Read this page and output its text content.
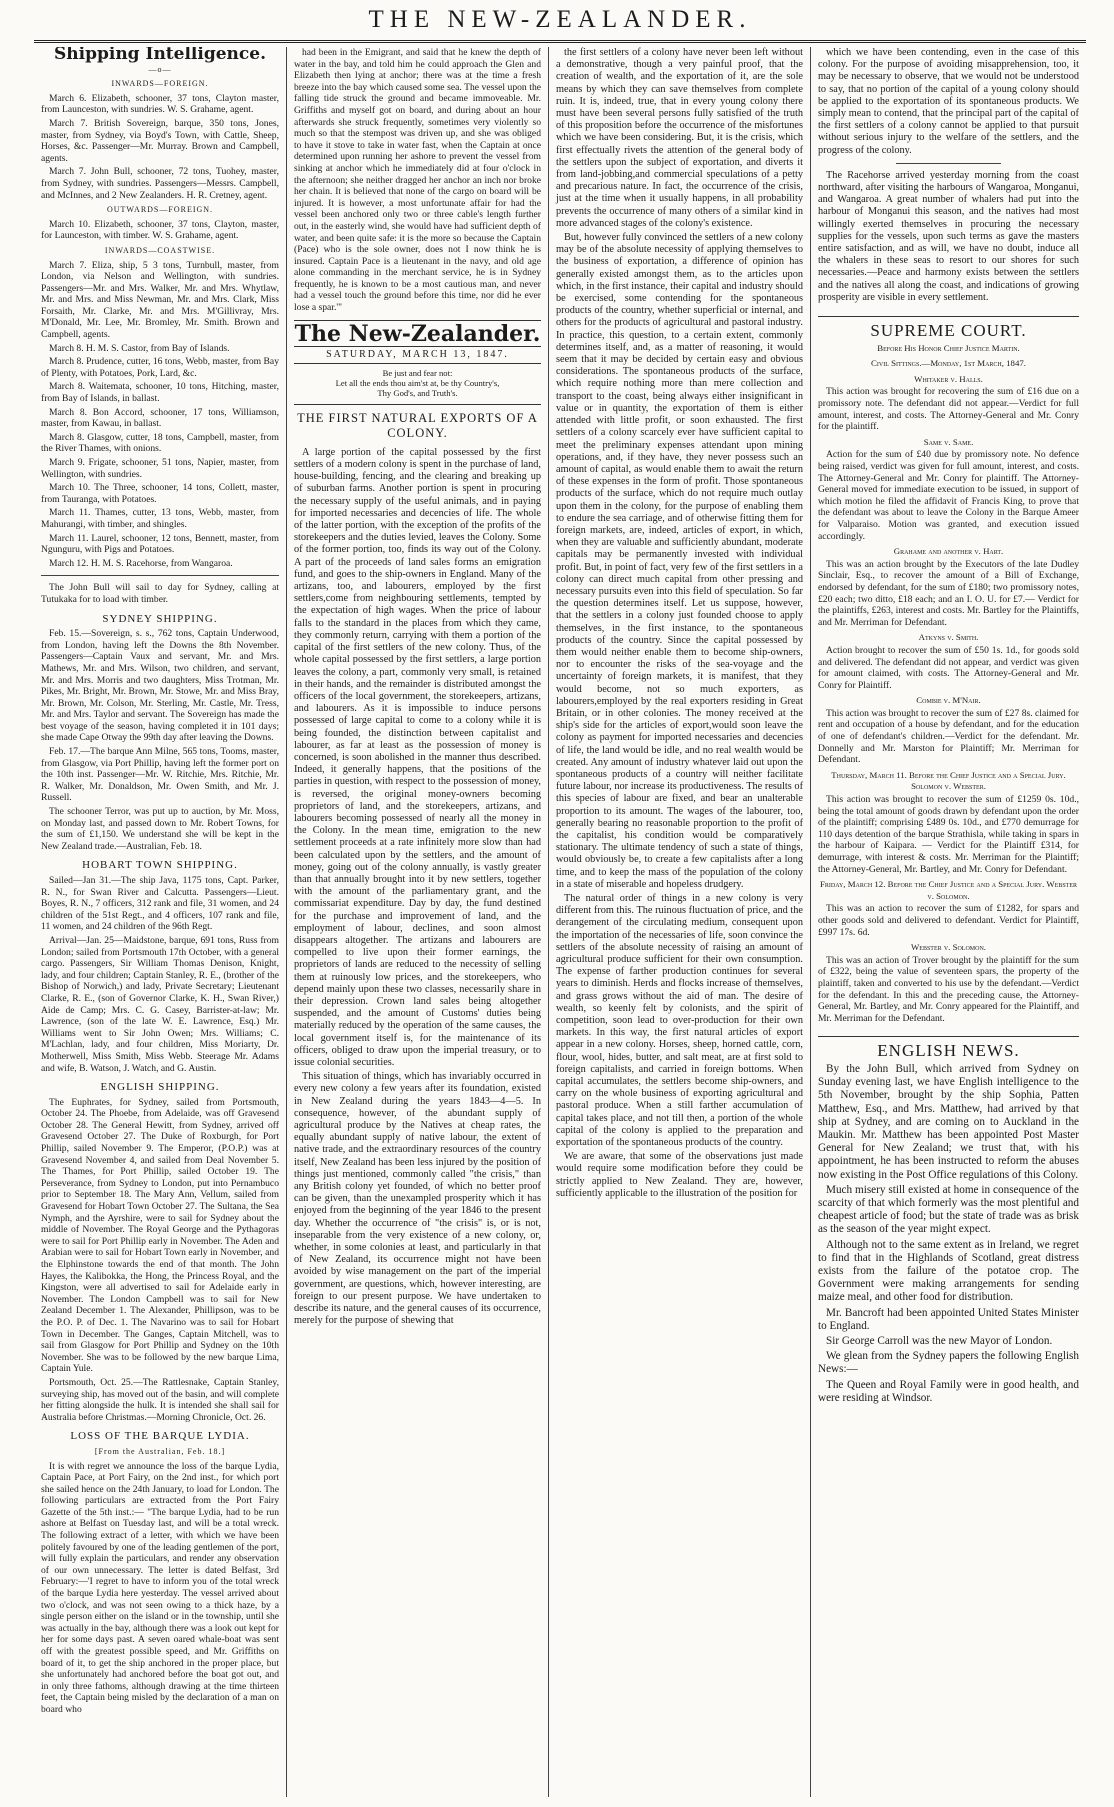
THE NEW-ZEALANDER.
Shipping Intelligence.
—o—
INWARDS—FOREIGN.
March 6. Elizabeth, schooner, 37 tons, Clayton master, from Launceston, with sundries. W. S. Grahame, agent.
March 7. British Sovereign, barque, 350 tons, Jones, master, from Sydney, via Boyd's Town, with Cattle, Sheep, Horses, &c. Passenger—Mr. Murray. Brown and Campbell, agents.
March 7. John Bull, schooner, 72 tons, Tuohey, master, from Sydney, with sundries. Passengers—Messrs. Campbell, and McInnes, and 2 New Zealanders. H. R. Cretney, agent.
OUTWARDS—FOREIGN.
March 10. Elizabeth, schooner, 37 tons, Clayton, master, for Launceston, with timber. W. S. Grahame, agent.
INWARDS—COASTWISE.
March 7. Eliza, ship, 5 3 tons, Turnbull, master, from London, via Nelson and Wellington, with sundries. Passengers—Mr. and Mrs. Walker, Mr. and Mrs. Whytlaw, Mr. and Mrs. and Miss Newman, Mr. and Mrs. Clark, Miss Forsaith, Mr. Clarke, Mr. and Mrs. M'Gillivray, Mrs. M'Donald, Mr. Lee, Mr. Bromley, Mr. Smith. Brown and Campbell, agents.
March 8. H. M. S. Castor, from Bay of Islands.
March 8. Prudence, cutter, 16 tons, Webb, master, from Bay of Plenty, with Potatoes, Pork, Lard, &c.
March 8. Waitemata, schooner, 10 tons, Hitching, master, from Bay of Islands, in ballast.
March 8. Bon Accord, schooner, 17 tons, Williamson, master, from Kawau, in ballast.
March 8. Glasgow, cutter, 18 tons, Campbell, master, from the River Thames, with onions.
March 9. Frigate, schooner, 51 tons, Napier, master, from Wellington, with sundries.
March 10. The Three, schooner, 14 tons, Collett, master, from Tauranga, with Potatoes.
March 11. Thames, cutter, 13 tons, Webb, master, from Mahurangi, with timber, and shingles.
March 11. Laurel, schooner, 12 tons, Bennett, master, from Ngunguru, with Pigs and Potatoes.
March 12. H. M. S. Racehorse, from Wangaroa.
The John Bull will sail to day for Sydney, calling at Tutukaka for to load with timber.
SYDNEY SHIPPING.
Feb. 15.—Sovereign, s. s., 762 tons, Captain Underwood, from London, having left the Downs the 8th November. Passengers—Captain Vaux and servant, Mr. and Mrs. Mathews, Mr. and Mrs. Wilson, two children, and servant, Mr. and Mrs. Morris and two daughters, Miss Trotman, Mr. Pikes, Mr. Bright, Mr. Brown, Mr. Stowe, Mr. and Miss Bray, Mr. Brown, Mr. Colson, Mr. Sterling, Mr. Castle, Mr. Tress, Mr. and Mrs. Taylor and servant. The Sovereign has made the best voyage of the season, having completed it in 101 days; she made Cape Otway the 99th day after leaving the Downs.
Feb. 17.—The barque Ann Milne, 565 tons, Tooms, master, from Glasgow, via Port Phillip, having left the former port on the 10th inst. Passenger—Mr. W. Ritchie, Mrs. Ritchie, Mr. R. Walker, Mr. Donaldson, Mr. Owen Smith, and Mr. J. Russell.
The schooner Terror, was put up to auction, by Mr. Moss, on Monday last, and passed down to Mr. Robert Towns, for the sum of £1,150. We understand she will be kept in the New Zealand trade.—Australian, Feb. 18.
HOBART TOWN SHIPPING.
Sailed—Jan 31.—The ship Java, 1175 tons, Capt. Parker, R. N., for Swan River and Calcutta. Passengers—Lieut. Boyes, R. N., 7 officers, 312 rank and file, 31 women, and 24 children of the 51st Regt., and 4 officers, 107 rank and file, 11 women, and 24 children of the 96th Regt.
Arrival—Jan. 25—Maidstone, barque, 691 tons, Russ from London; sailed from Portsmouth 17th October, with a general cargo. Passengers, Sir William Thomas Denison, Knight, lady, and four children; Captain Stanley, R. E., (brother of the Bishop of Norwich,) and lady, Private Secretary; Lieutenant Clarke, R. E., (son of Governor Clarke, K. H., Swan River,) Aide de Camp; Mrs. C. G. Casey, Barrister-at-law; Mr. Lawrence, (son of the late W. E. Lawrence, Esq.) Mr. Williams went to Sir John Owen; Mrs. Williams; C. M'Lachlan, lady, and four children, Miss Moriarty, Dr. Motherwell, Miss Smith, Miss Webb. Steerage Mr. Adams and wife, B. Watson, J. Watch, and G. Austin.
ENGLISH SHIPPING.
The Euphrates, for Sydney, sailed from Portsmouth, October 24. The Phoebe, from Adelaide, was off Gravesend October 28. The General Hewitt, from Sydney, arrived off Gravesend October 27. The Duke of Roxburgh, for Port Phillip, sailed November 9. The Emperor, (P.O.P.) was at Gravesend November 4, and sailed from Deal November 5. The Thames, for Port Phillip, sailed October 19. The Perseverance, from Sydney to London, put into Pernambuco prior to September 18. The Mary Ann, Vellum, sailed from Gravesend for Hobart Town October 27. The Sultana, the Sea Nymph, and the Ayrshire, were to sail for Sydney about the middle of November. The Royal George and the Pythagoras were to sail for Port Phillip early in November. The Aden and Arabian were to sail for Hobart Town early in November, and the Elphinstone towards the end of that month. The John Hayes, the Kalibokka, the Hong, the Princess Royal, and the Kingston, were all advertised to sail for Adelaide early in November. The London Campbell was to sail for New Zealand December 1. The Alexander, Phillipson, was to be the P.O. P. of Dec. 1. The Navarino was to sail for Hobart Town in December. The Ganges, Captain Mitchell, was to sail from Glasgow for Port Phillip and Sydney on the 10th November. She was to be followed by the new barque Lima, Captain Yule.
Portsmouth, Oct. 25.—The Rattlesnake, Captain Stanley, surveying ship, has moved out of the basin, and will complete her fitting alongside the hulk. It is intended she shall sail for Australia before Christmas.—Morning Chronicle, Oct. 26.
LOSS OF THE BARQUE LYDIA.
[From the Australian, Feb. 18.]
It is with regret we announce the loss of the barque Lydia, Captain Pace, at Port Fairy, on the 2nd inst., for which port she sailed hence on the 24th January, to load for London. The following particulars are extracted from the Port Fairy Gazette of the 5th inst.:— "The barque Lydia, had to be run ashore at Belfast on Tuesday last, and will be a total wreck. The following extract of a letter, with which we have been politely favoured by one of the leading gentlemen of the port, will fully explain the particulars, and render any observation of our own unnecessary. The letter is dated Belfast, 3rd February:—'I regret to have to inform you of the total wreck of the barque Lydia here yesterday. The vessel arrived about two o'clock, and was not seen owing to a thick haze, by a single person either on the island or in the township, until she was actually in the bay, although there was a look out kept for her for some days past. A seven oared whale-boat was sent off with the greatest possible speed, and Mr. Griffiths on board of it, to get the ship anchored in the proper place, but she unfortunately had anchored before the boat got out, and in only three fathoms, although drawing at the time thirteen feet, the Captain being misled by the declaration of a man on board who
had been in the Emigrant, and said that he knew the depth of water in the bay, and told him he could approach the Glen and Elizabeth then lying at anchor; there was at the time a fresh breeze into the bay which caused some sea. The vessel upon the falling tide struck the ground and became immoveable. Mr. Griffiths and myself got on board, and during about an hour afterwards she struck frequently, sometimes very violently so much so that the stempost was driven up, and she was obliged to have it stove to take in water fast, when the Captain at once determined upon running her ashore to prevent the vessel from sinking at anchor which he immediately did at four o'clock in the afternoon; she neither dragged her anchor an inch nor broke her chain. It is believed that none of the cargo on board will be injured. It is however, a most unfortunate affair for had the vessel been anchored only two or three cable's length further out, in the easterly wind, she would have had sufficient depth of water, and been quite safe: it is the more so because the Captain (Pace) who is the sole owner, does not I now think he is insured. Captain Pace is a lieutenant in the navy, and old age alone commanding in the merchant service, he is in Sydney frequently, he is known to be a most cautious man, and never had a vessel touch the ground before this time, nor did he ever lose a spar.'"
The New-Zealander.
SATURDAY, MARCH 13, 1847.
Be just and fear not:
Let all the ends thou aim'st at, be thy Country's,
Thy God's, and Truth's.
THE FIRST NATURAL EXPORTS OF A COLONY.
A large portion of the capital possessed by the first settlers of a modern colony is spent in the purchase of land, house-building, fencing, and the clearing and breaking up of suburban farms. Another portion is spent in procuring the necessary supply of the useful animals, and in paying for imported necessaries and decencies of life. The whole of the latter portion, with the exception of the profits of the storekeepers and the duties levied, leaves the Colony. Some of the former portion, too, finds its way out of the Colony. A part of the proceeds of land sales forms an emigration fund, and goes to the ship-owners in England. Many of the artizans, too, and labourers, employed by the first settlers,come from neighbouring settlements, tempted by the expectation of high wages. When the price of labour falls to the standard in the places from which they came, they commonly return, carrying with them a portion of the capital of the first settlers of the new colony. Thus, of the whole capital possessed by the first settlers, a large portion leaves the colony, a part, commonly very small, is retained in their hands, and the remainder is distributed amongst the officers of the local government, the storekeepers, artizans, and labourers. As it is impossible to induce persons possessed of large capital to come to a colony while it is being founded, the distinction between capitalist and labourer, as far at least as the possession of money is concerned, is soon abolished in the manner thus described. Indeed, it generally happens, that the positions of the parties in question, with respect to the possession of money, is reversed, the original money-owners becoming proprietors of land, and the storekeepers, artizans, and labourers becoming possessed of nearly all the money in the Colony. In the mean time, emigration to the new settlement proceeds at a rate infinitely more slow than had been calculated upon by the settlers, and the amount of money, going out of the colony annually, is vastly greater than that annually brought into it by new settlers, together with the amount of the parliamentary grant, and the commissariat expenditure. Day by day, the fund destined for the purchase and improvement of land, and the employment of labour, declines, and soon almost disappears altogether. The artizans and labourers are compelled to live upon their former earnings, the proprietors of lands are reduced to the necessity of selling them at ruinously low prices, and the storekeepers, who depend mainly upon these two classes, necessarily share in their depression. Crown land sales being altogether suspended, and the amount of Customs' duties being materially reduced by the operation of the same causes, the local government itself is, for the maintenance of its officers, obliged to draw upon the imperial treasury, or to issue colonial securities.
This situation of things, which has invariably occurred in every new colony a few years after its foundation, existed in New Zealand during the years 1843—4—5. In consequence, however, of the abundant supply of agricultural produce by the Natives at cheap rates, the equally abundant supply of native labour, the extent of native trade, and the extraordinary resources of the country itself, New Zealand has been less injured by the position of things just mentioned, commonly called "the crisis," than any British colony yet founded, of which no better proof can be given, than the unexampled prosperity which it has enjoyed from the beginning of the year 1846 to the present day. Whether the occurrence of "the crisis" is, or is not, inseparable from the very existence of a new colony, or, whether, in some colonies at least, and particularly in that of New Zealand, its occurrence might not have been avoided by wise management on the part of the imperial government, are questions, which, however interesting, are foreign to our present purpose. We have undertaken to describe its nature, and the general causes of its occurrence, merely for the purpose of shewing that
the first settlers of a colony have never been left without a demonstrative, though a very painful proof, that the creation of wealth, and the exportation of it, are the sole means by which they can save themselves from complete ruin. It is, indeed, true, that in every young colony there must have been several persons fully satisfied of the truth of this proposition before the occurrence of the misfortunes which we have been considering. But, it is the crisis, which first effectually rivets the attention of the general body of the settlers upon the subject of exportation, and diverts it from land-jobbing,and commercial speculations of a petty and precarious nature. In fact, the occurrence of the crisis, just at the time when it usually happens, in all probability prevents the occurrence of many others of a similar kind in more advanced stages of the colony's existence.
But, however fully convinced the settlers of a new colony may be of the absolute necessity of applying themselves to the business of exportation, a difference of opinion has generally existed amongst them, as to the articles upon which, in the first instance, their capital and industry should be exercised, some contending for the spontaneous products of the country, whether superficial or internal, and others for the products of agricultural and pastoral industry. In practice, this question, to a certain extent, commonly determines itself, and, as a matter of reasoning, it would seem that it may be decided by certain easy and obvious considerations. The spontaneous products of the surface, which require nothing more than mere collection and transport to the coast, being always either insignificant in value or in quantity, the exportation of them is either attended with little profit, or soon exhausted. The first settlers of a colony scarcely ever have sufficient capital to meet the preliminary expenses attendant upon mining operations, and, if they have, they never possess such an amount of capital, as would enable them to await the return of these expenses in the form of profit. Those spontaneous products of the surface, which do not require much outlay upon them in the colony, for the purpose of enabling them to endure the sea carriage, and of otherwise fitting them for foreign markets, are, indeed, articles of export, in which, when they are valuable and sufficiently abundant, moderate capitals may be permanently invested with individual profit. But, in point of fact, very few of the first settlers in a colony can direct much capital from other pressing and necessary pursuits even into this field of speculation. So far the question determines itself. Let us suppose, however, that the settlers in a colony just founded choose to apply themselves, in the first instance, to the spontaneous products of the country. Since the capital possessed by them would neither enable them to become ship-owners, nor to encounter the risks of the sea-voyage and the uncertainty of foreign markets, it is manifest, that they would become, not so much exporters, as labourers,employed by the real exporters residing in Great Britain, or in other colonies. The money received at the ship's side for the articles of export,would soon leave the colony as payment for imported necessaries and decencies of life, the land would be idle, and no real wealth would be created. Any amount of industry whatever laid out upon the spontaneous products of a country will neither facilitate future labour, nor increase its productiveness. The results of this species of labour are fixed, and bear an unalterable proportion to its amount. The wages of the labourer, too, generally bearing no reasonable proportion to the profit of the capitalist, his condition would be comparatively stationary. The ultimate tendency of such a state of things, would obviously be, to create a few capitalists after a long time, and to keep the mass of the population of the colony in a state of miserable and hopeless drudgery.
The natural order of things in a new colony is very different from this. The ruinous fluctuation of price, and the derangement of the circulating medium, consequent upon the importation of the necessaries of life, soon convince the settlers of the absolute necessity of raising an amount of agricultural produce sufficient for their own consumption. The expense of farther production continues for several years to diminish. Herds and flocks increase of themselves, and grass grows without the aid of man. The desire of wealth, so keenly felt by colonists, and the spirit of competition, soon lead to over-production for their own markets. In this way, the first natural articles of export appear in a new colony. Horses, sheep, horned cattle, corn, flour, wool, hides, butter, and salt meat, are at first sold to foreign capitalists, and carried in foreign bottoms. When capital accumulates, the settlers become ship-owners, and carry on the whole business of exporting agricultural and pastoral produce. When a still farther accumulation of capital takes place, and not till then, a portion of the whole capital of the colony is applied to the preparation and exportation of the spontaneous products of the country.
We are aware, that some of the observations just made would require some modification before they could be strictly applied to New Zealand. They are, however, sufficiently applicable to the illustration of the position for
which we have been contending, even in the case of this colony. For the purpose of avoiding misapprehension, too, it may be necessary to observe, that we would not be understood to say, that no portion of the capital of a young colony should be applied to the exportation of its spontaneous products. We simply mean to contend, that the principal part of the capital of the first settlers of a colony cannot be applied to that pursuit without serious injury to the welfare of the settlers, and the progress of the colony.
The Racehorse arrived yesterday morning from the coast northward, after visiting the harbours of Wangaroa, Monganui, and Wangaroa. A great number of whalers had put into the harbour of Monganui this season, and the natives had most willingly exerted themselves in procuring the necessary supplies for the vessels, upon such terms as gave the masters entire satisfaction, and as will, we have no doubt, induce all the whalers in these seas to resort to our shores for such necessaries.—Peace and harmony exists between the settlers and the natives all along the coast, and indications of growing prosperity are visible in every settlement.
SUPREME COURT.
Before His Honor Chief Justice Martin.
Civil Sittings.—Monday, 1st March, 1847.
Whitaker v. Halls.
This action was brought for recovering the sum of £16 due on a promissory note. The defendant did not appear.—Verdict for full amount, interest, and costs. The Attorney-General and Mr. Conry for the plaintiff.
Same v. Same.
Action for the sum of £40 due by promissory note. No defence being raised, verdict was given for full amount, interest, and costs. The Attorney-General and Mr. Conry for plaintiff. The Attorney-General moved for immediate execution to be issued, in support of which motion he filed the affidavit of Francis King, to prove that the defendant was about to leave the Colony in the Barque Ameer for Valparaiso. Motion was granted, and execution issued accordingly.
Grahame and another v. Hart.
This was an action brought by the Executors of the late Dudley Sinclair, Esq., to recover the amount of a Bill of Exchange, endorsed by defendant, for the sum of £180; two promissory notes, £20 each; two ditto, £18 each; and an I. O. U. for £7.— Verdict for the plaintiffs, £263, interest and costs. Mr. Bartley for the Plaintiffs, and Mr. Merriman for Defendant.
Atkyns v. Smith.
Action brought to recover the sum of £50 1s. 1d., for goods sold and delivered. The defendant did not appear, and verdict was given for amount claimed, with costs. The Attorney-General and Mr. Conry for Plaintiff.
Combie v. M'Nair.
This action was brought to recover the sum of £27 8s. claimed for rent and occupation of a house by defendant, and for the education of one of defendant's children.—Verdict for the defendant. Mr. Donnelly and Mr. Marston for Plaintiff; Mr. Merriman for Defendant.
Thursday, March 11. Before the Chief Justice and a Special Jury. Solomon v. Webster.
This action was brought to recover the sum of £1259 0s. 10d., being the total amount of goods drawn by defendant upon the order of the plaintiff; comprising £489 0s. 10d., and £770 demurrage for 110 days detention of the barque Strathisla, while taking in spars in the harbour of Kaipara. — Verdict for the Plaintiff £314, for demurrage, with interest & costs. Mr. Merriman for the Plaintiff; the Attorney-General, Mr. Bartley, and Mr. Conry for Defendant.
Friday, March 12. Before the Chief Justice and a Special Jury. Webster v. Solomon.
This was an action to recover the sum of £1282, for spars and other goods sold and delivered to defendant. Verdict for Plaintiff, £997 17s. 6d.
Webster v. Solomon.
This was an action of Trover brought by the plaintiff for the sum of £322, being the value of seventeen spars, the property of the plaintiff, taken and converted to his use by the defendant.—Verdict for the defendant. In this and the preceding cause, the Attorney-General, Mr. Bartley, and Mr. Conry appeared for the Plaintiff, and Mr. Merriman for the Defendant.
ENGLISH NEWS.
By the John Bull, which arrived from Sydney on Sunday evening last, we have English intelligence to the 5th November, brought by the ship Sophia, Patten Matthew, Esq., and Mrs. Matthew, had arrived by that ship at Sydney, and are coming on to Auckland in the Maukin. Mr. Matthew has been appointed Post Master General for New Zealand; we trust that, with his appointment, he has been instructed to reform the abuses now existing in the Post Office regulations of this Colony.
Much misery still existed at home in consequence of the scarcity of that which formerly was the most plentiful and cheapest article of food; but the state of trade was as brisk as the season of the year might expect.
Although not to the same extent as in Ireland, we regret to find that in the Highlands of Scotland, great distress exists from the failure of the potatoe crop. The Government were making arrangements for sending maize meal, and other food for distribution.
Mr. Bancroft had been appointed United States Minister to England.
Sir George Carroll was the new Mayor of London.
We glean from the Sydney papers the following English News:—
The Queen and Royal Family were in good health, and were residing at Windsor.
